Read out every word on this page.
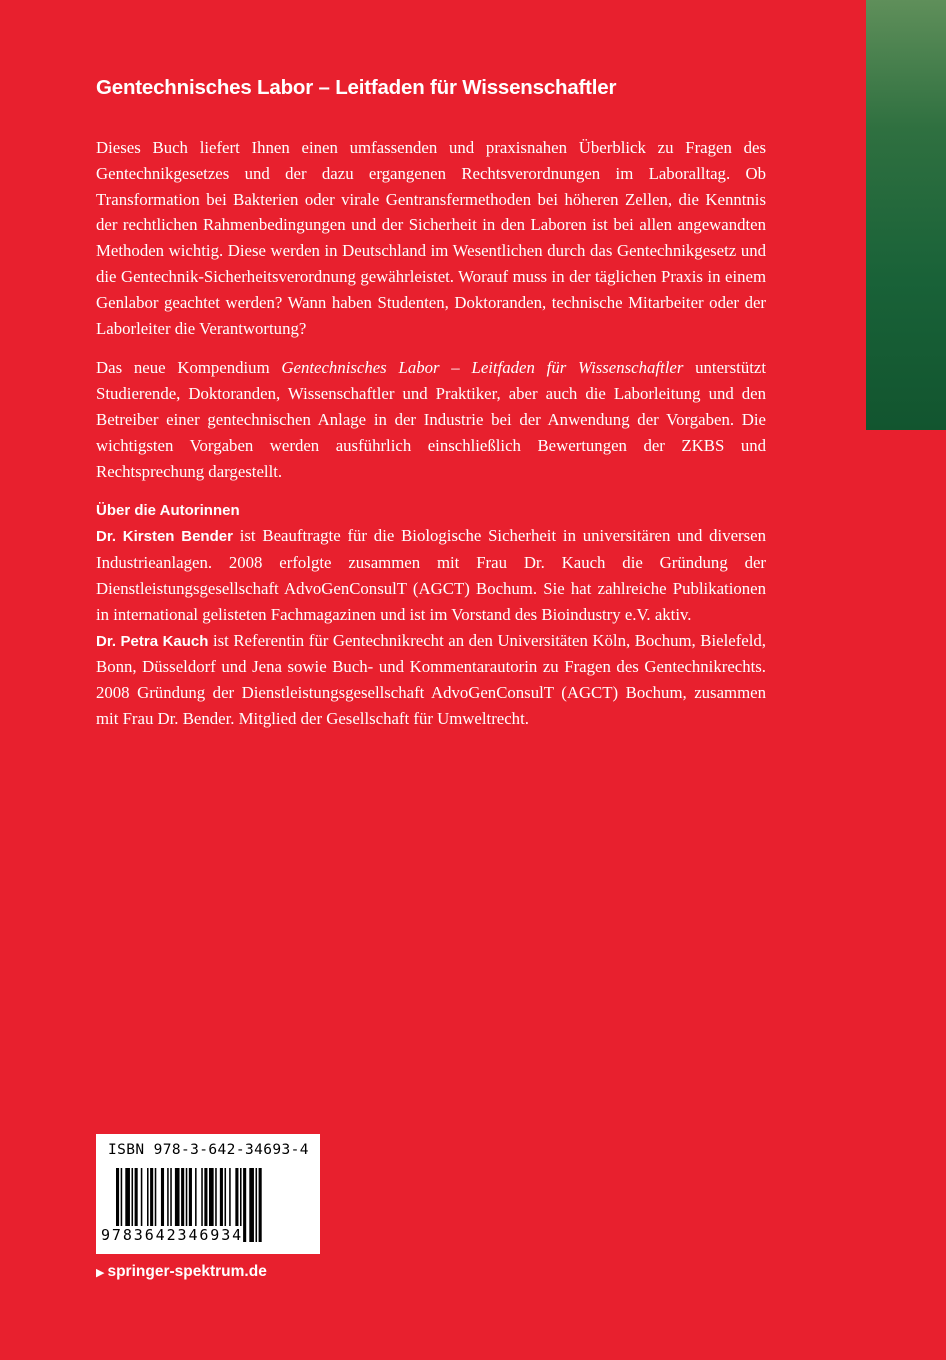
Gentechnisches Labor – Leitfaden für Wissenschaftler

Dieses Buch liefert Ihnen einen umfassenden und praxisnahen Überblick zu Fragen des Gentechnikgesetzes und der dazu ergangenen Rechtsverordnungen im Laboralltag. Ob Transformation bei Bakterien oder virale Gentransfermethoden bei höheren Zellen, die Kenntnis der rechtlichen Rahmenbedingungen und der Sicherheit in den Laboren ist bei allen angewandten Methoden wichtig. Diese werden in Deutschland im Wesentlichen durch das Gentechnikgesetz und die Gentechnik-Sicherheitsverordnung gewährleistet. Worauf muss in der täglichen Praxis in einem Genlabor geachtet werden? Wann haben Studenten, Doktoranden, technische Mitarbeiter oder der Laborleiter die Verantwortung?

Das neue Kompendium Gentechnisches Labor – Leitfaden für Wissenschaftler unterstützt Studierende, Doktoranden, Wissenschaftler und Praktiker, aber auch die Laborleitung und den Betreiber einer gentechnischen Anlage in der Industrie bei der Anwendung der Vorgaben. Die wichtigsten Vorgaben werden ausführlich einschließlich Bewertungen der ZKBS und Rechtsprechung dargestellt.

Über die Autorinnen

Dr. Kirsten Bender ist Beauftragte für die Biologische Sicherheit in universitären und diversen Industrieanlagen. 2008 erfolgte zusammen mit Frau Dr. Kauch die Gründung der Dienstleistungsgesellschaft AdvoGenConsulT (AGCT) Bochum. Sie hat zahlreiche Publikationen in international gelisteten Fachmagazinen und ist im Vorstand des Bioindustry e.V. aktiv.

Dr. Petra Kauch ist Referentin für Gentechnikrecht an den Universitäten Köln, Bochum, Bielefeld, Bonn, Düsseldorf und Jena sowie Buch- und Kommentarautorin zu Fragen des Gentechnikrechts. 2008 Gründung der Dienstleistungsgesellschaft AdvoGenConsulT (AGCT) Bochum, zusammen mit Frau Dr. Bender. Mitglied der Gesellschaft für Umweltrecht.

ISBN 978-3-642-34693-4
9783642346934
▶ springer-spektrum.de
